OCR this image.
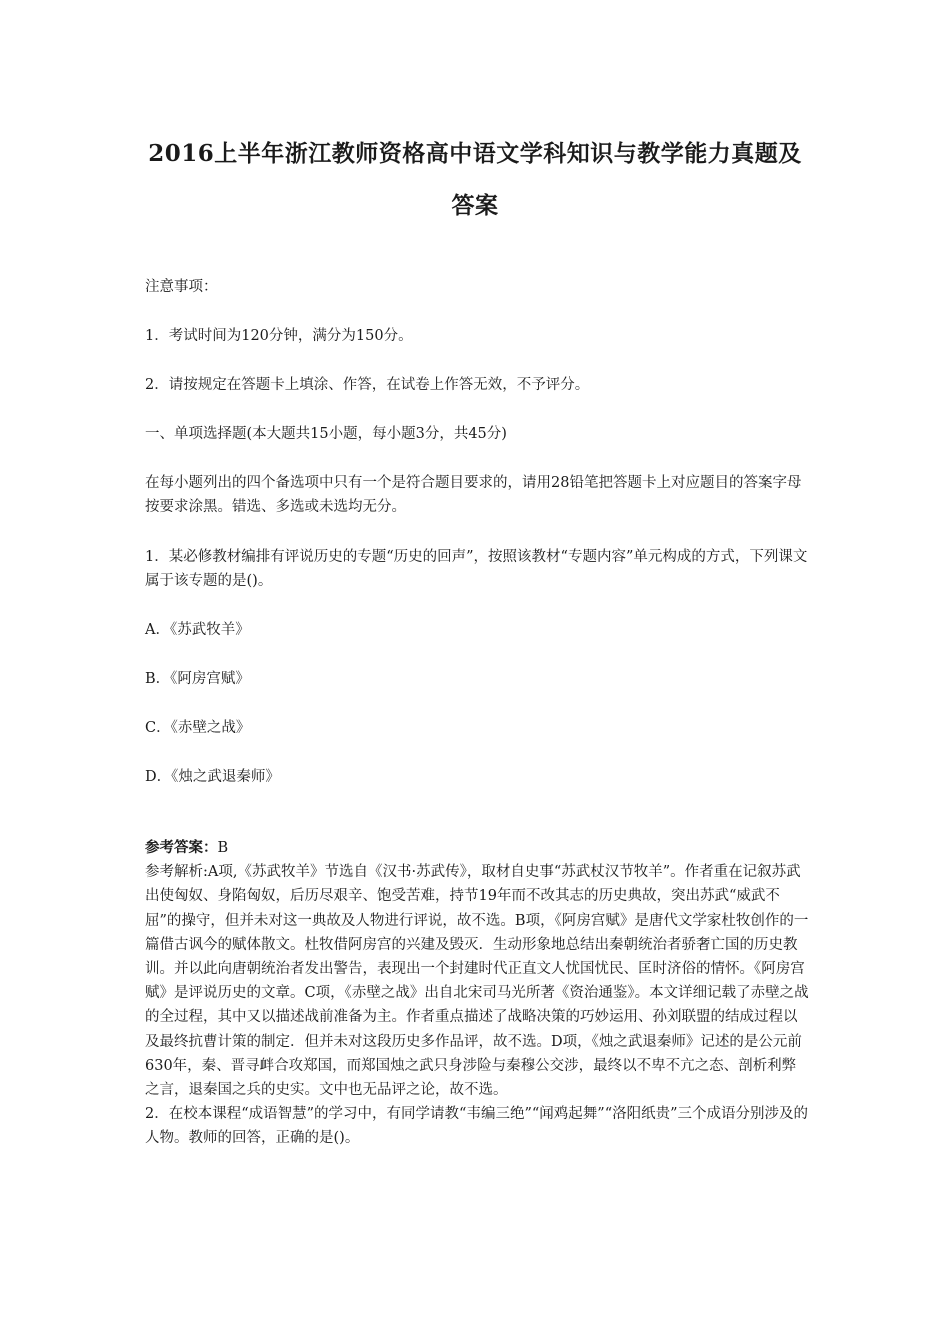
2016上半年浙江教师资格高中语文学科知识与教学能力真题及答案

注意事项：

1．考试时间为120分钟，满分为150分。

2．请按规定在答题卡上填涂、作答，在试卷上作答无效，不予评分。

一、单项选择题(本大题共15小题，每小题3分，共45分)

在每小题列出的四个备选项中只有一个是符合题目要求的，请用28铅笔把答题卡上对应题目的答案字母按要求涂黑。错选、多选或未选均无分。

1．某必修教材编排有评说历史的专题“历史的回声”，按照该教材“专题内容”单元构成的方式，下列课文属于该专题的是()。

A．《苏武牧羊》

B．《阿房宫赋》

C．《赤壁之战》

D．《烛之武退秦师》

参考答案：B
参考解析:A项,《苏武牧羊》节选自《汉书·苏武传》，取材自史事“苏武杖汉节牧羊”。作者重在记叙苏武出使匈奴、身陷匈奴，后历尽艰辛、饱受苦难，持节19年而不改其志的历史典故，突出苏武“威武不屈”的操守，但并未对这一典故及人物进行评说，故不选。B项，《阿房宫赋》是唐代文学家杜牧创作的一篇借古讽今的赋体散文。杜牧借阿房宫的兴建及毁灭．生动形象地总结出秦朝统治者骄奢亡国的历史教训。并以此向唐朝统治者发出警告，表现出一个封建时代正直文人忧国忧民、匡时济俗的情怀。《阿房宫赋》是评说历史的文章。C项，《赤壁之战》出自北宋司马光所著《资治通鉴》。本文详细记载了赤壁之战的全过程，其中又以描述战前准备为主。作者重点描述了战略决策的巧妙运用、孙刘联盟的结成过程以及最终抗曹计策的制定．但并未对这段历史多作品评，故不选。D项，《烛之武退秦师》记述的是公元前630年，秦、晋寻衅合攻郑国，而郑国烛之武只身涉险与秦穆公交涉，最终以不卑不亢之态、剖析利弊之言，退秦国之兵的史实。文中也无品评之论，故不选。
2．在校本课程“成语智慧”的学习中，有同学请教“韦编三绝”“闻鸡起舞”“洛阳纸贵”三个成语分别涉及的人物。教师的回答，正确的是()。
